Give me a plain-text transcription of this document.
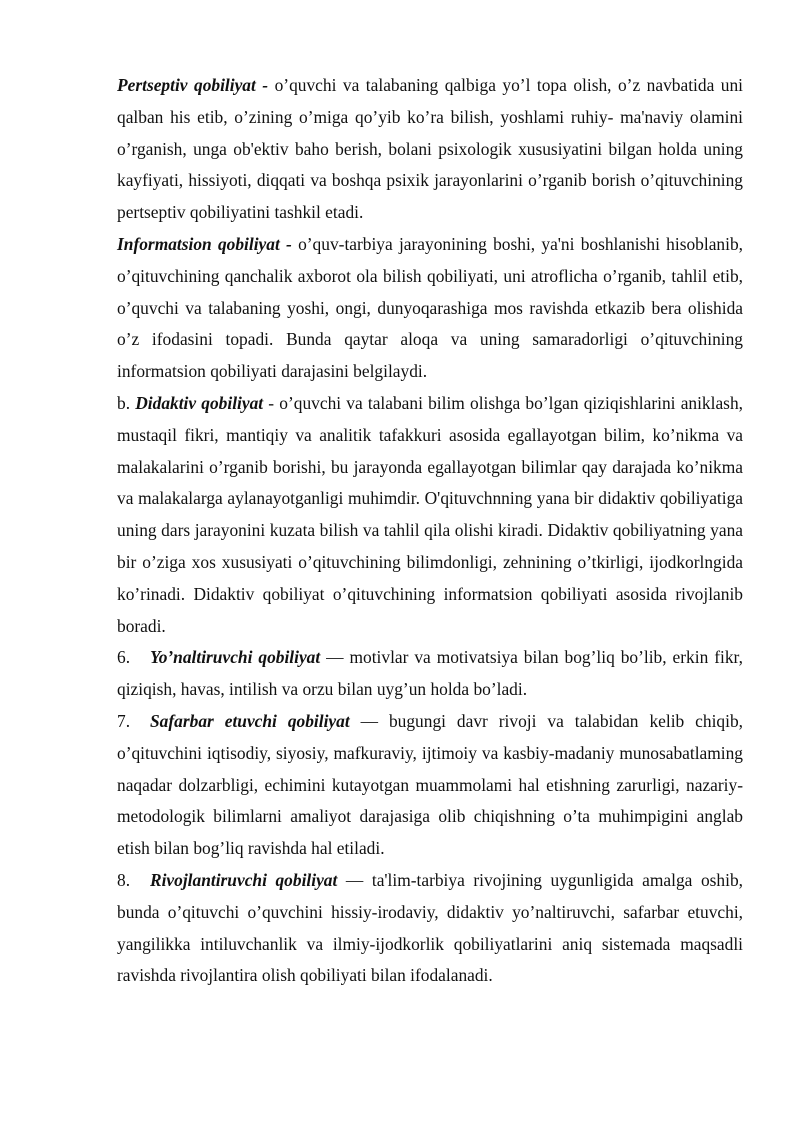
Pertseptiv qobiliyat - o’quvchi va talabaning qalbiga yo’l topa olish, o’z navbatida uni qalban his etib, o’zining o’miga qo’yib ko’ra bilish, yoshlami ruhiy- ma'naviy olamini o’rganish, unga ob'ektiv baho berish, bolani psixologik xususiyatini bilgan holda uning kayfiyati, hissiyoti, diqqati va boshqa psixik jarayonlarini o’rganib borish o’qituvchining pertseptiv qobiliyatini tashkil etadi.

Informatsion qobiliyat - o’quv-tarbiya jarayonining boshi, ya'ni boshlanishi hisoblanib, o’qituvchining qanchalik axborot ola bilish qobiliyati, uni atroflicha o’rganib, tahlil etib, o’quvchi va talabaning yoshi, ongi, dunyoqarashiga mos ravishda etkazib bera olishida o’z ifodasini topadi. Bunda qaytar aloqa va uning samaradorligi o’qituvchining informatsion qobiliyati darajasini belgilaydi.

b. Didaktiv qobiliyat - o’quvchi va talabani bilim olishga bo’lgan qiziqishlarini aniklash, mustaqil fikri, mantiqiy va analitik tafakkuri asosida egallayotgan bilim, ko’nikma va malakalarini o’rganib borishi, bu jarayonda egallayotgan bilimlar qay darajada ko’nikma va malakalarga aylanayotganligi muhimdir. O'qituvchnning yana bir didaktiv qobiliyatiga uning dars jarayonini kuzata bilish va tahlil qila olishi kiradi. Didaktiv qobiliyatning yana bir o’ziga xos xususiyati o’qituvchining bilimdonligi, zehnining o’tkirligi, ijodkorlngida ko’rinadi. Didaktiv qobiliyat o’qituvchining informatsion qobiliyati asosida rivojlanib boradi.

6. Yo’naltiruvchi qobiliyat — motivlar va motivatsiya bilan bog’liq bo’lib, erkin fikr, qiziqish, havas, intilish va orzu bilan uyg’un holda bo’ladi.

7. Safarbar etuvchi qobiliyat — bugungi davr rivoji va talabidan kelib chiqib, o’qituvchini iqtisodiy, siyosiy, mafkuraviy, ijtimoiy va kasbiy-madaniy munosabatlaming naqadar dolzarbligi, echimini kutayotgan muammolami hal etishning zarurligi, nazariy-metodologik bilimlarni amaliyot darajasiga olib chiqishning o’ta muhimpigini anglab etish bilan bog’liq ravishda hal etiladi.

8. Rivojlantiruvchi qobiliyat — ta'lim-tarbiya rivojining uygunligida amalga oshib, bunda o’qituvchi o’quvchini hissiy-irodaviy, didaktiv yo’naltiruvchi, safarbar etuvchi, yangilikka intiluvchanlik va ilmiy-ijodkorlik qobiliyatlarini aniq sistemada maqsadli ravishda rivojlantira olish qobiliyati bilan ifodalanadi.
